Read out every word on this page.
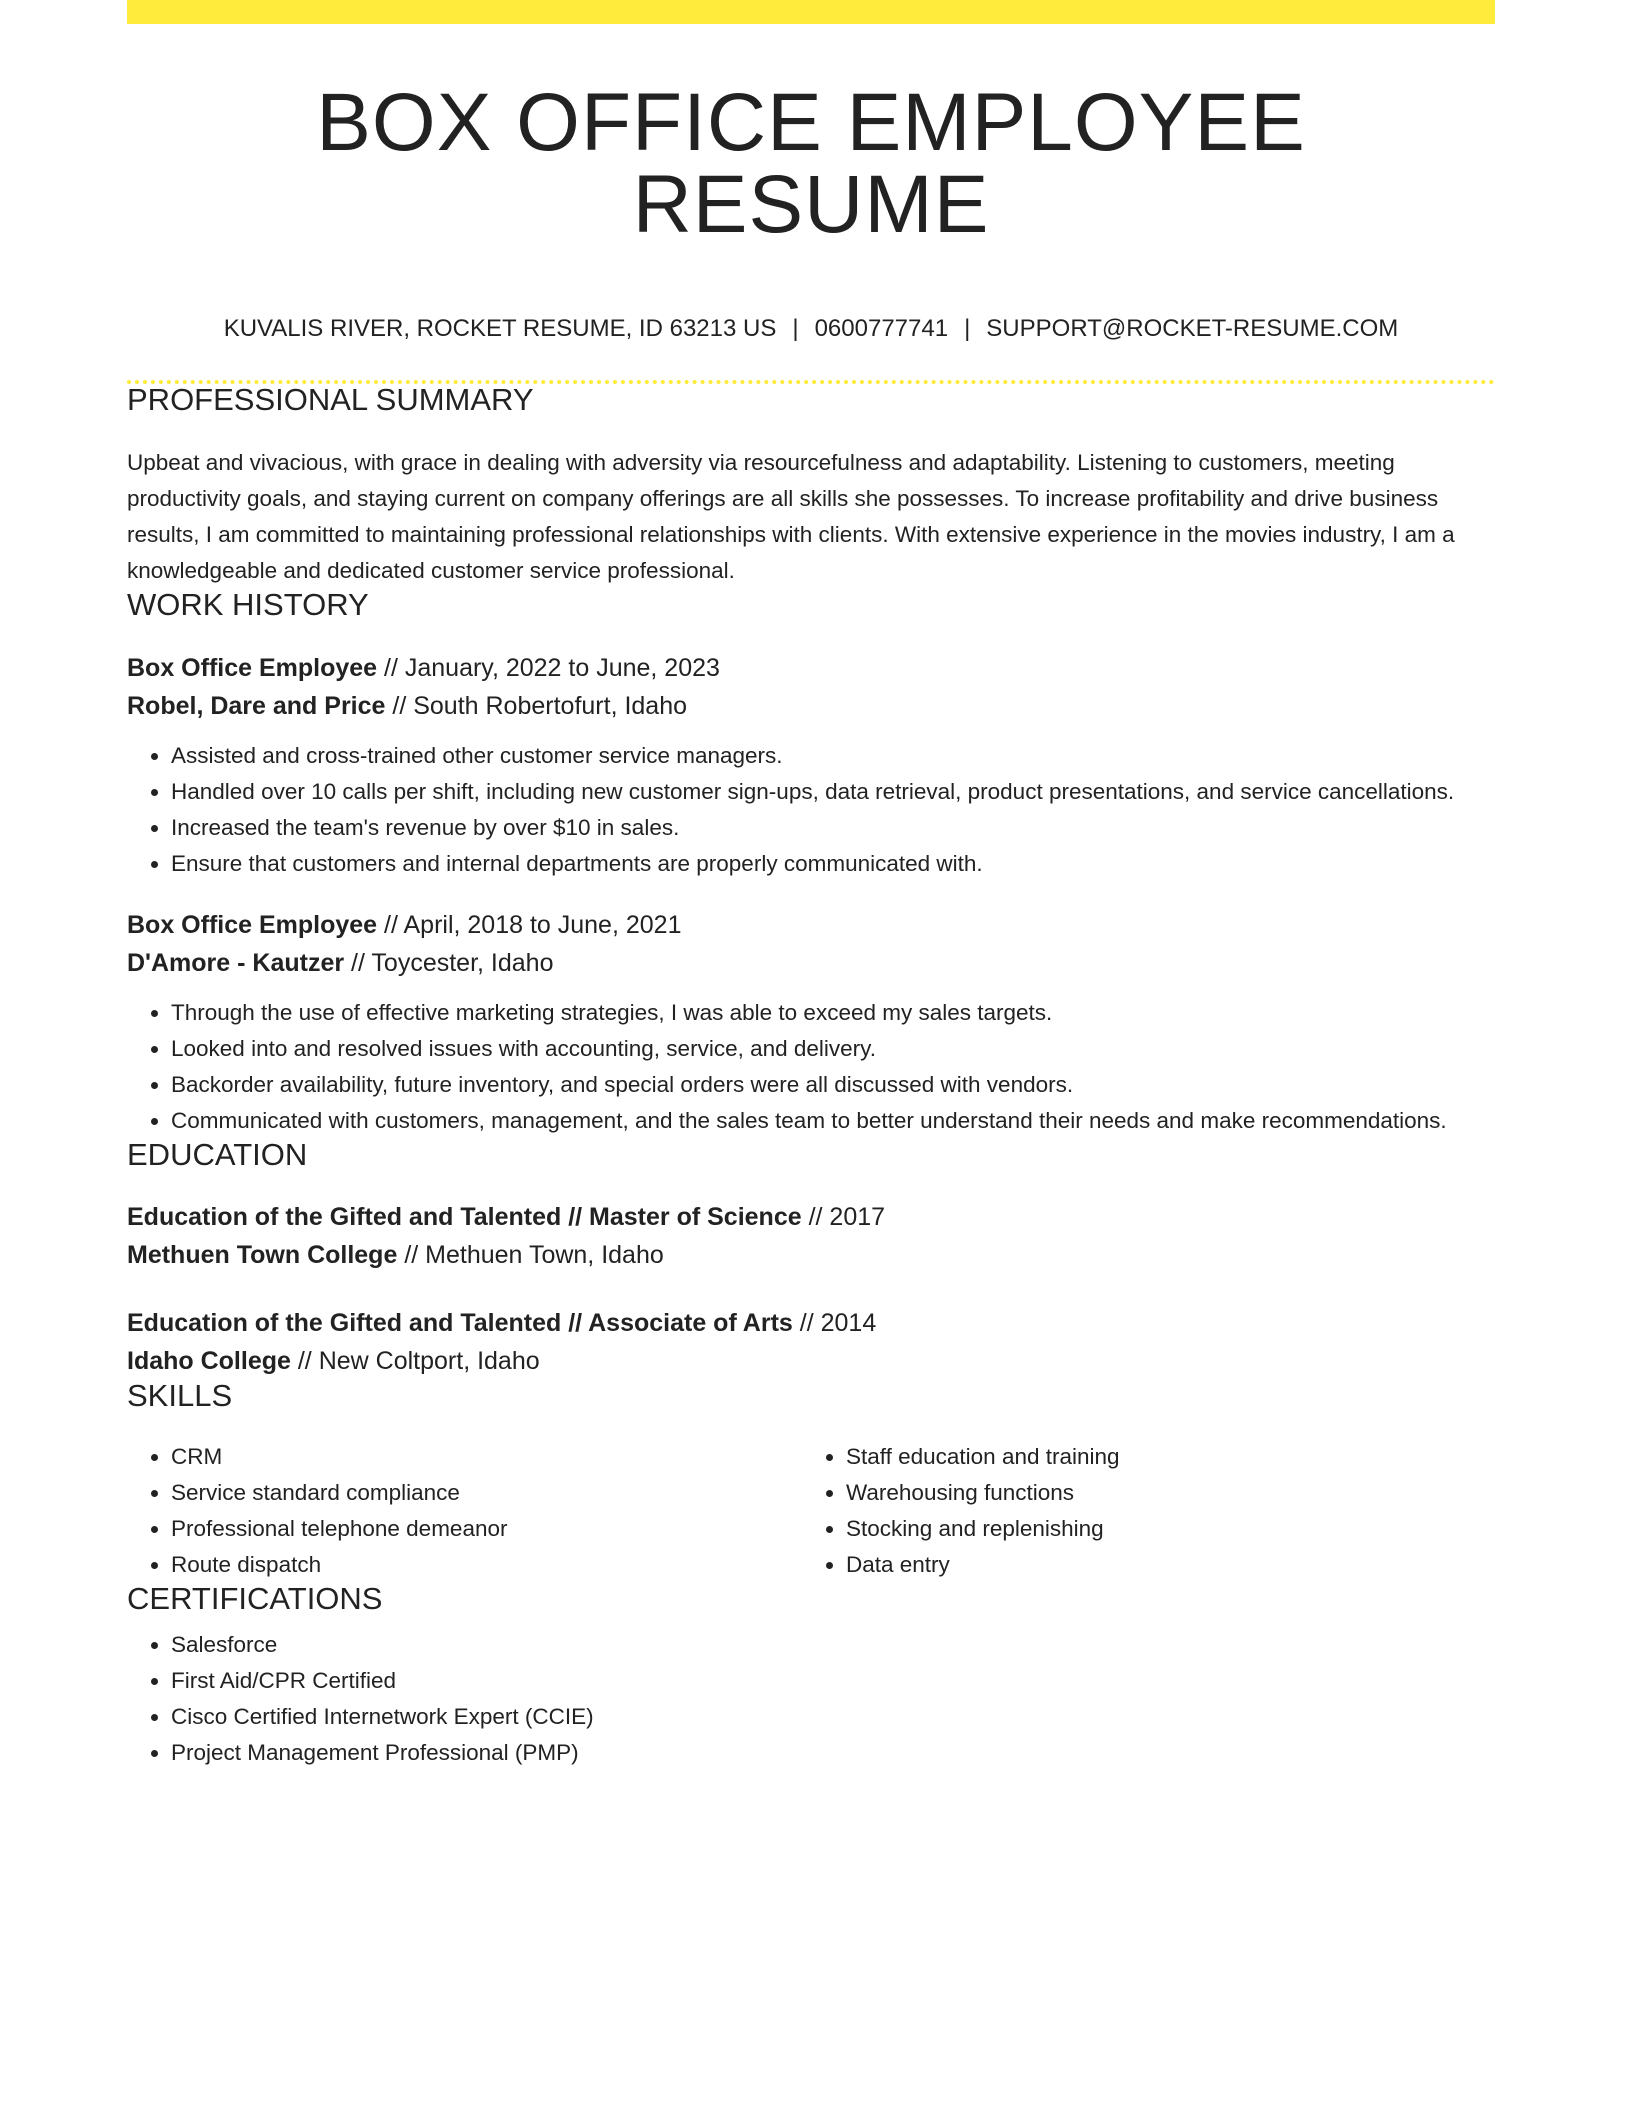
BOX OFFICE EMPLOYEE RESUME
KUVALIS RIVER, ROCKET RESUME, ID 63213 US | 0600777741 | SUPPORT@ROCKET-RESUME.COM
PROFESSIONAL SUMMARY
Upbeat and vivacious, with grace in dealing with adversity via resourcefulness and adaptability. Listening to customers, meeting productivity goals, and staying current on company offerings are all skills she possesses. To increase profitability and drive business results, I am committed to maintaining professional relationships with clients. With extensive experience in the movies industry, I am a knowledgeable and dedicated customer service professional.
WORK HISTORY
Box Office Employee // January, 2022 to June, 2023
Robel, Dare and Price // South Robertofurt, Idaho
• Assisted and cross-trained other customer service managers.
• Handled over 10 calls per shift, including new customer sign-ups, data retrieval, product presentations, and service cancellations.
• Increased the team's revenue by over $10 in sales.
• Ensure that customers and internal departments are properly communicated with.
Box Office Employee // April, 2018 to June, 2021
D'Amore - Kautzer // Toycester, Idaho
• Through the use of effective marketing strategies, I was able to exceed my sales targets.
• Looked into and resolved issues with accounting, service, and delivery.
• Backorder availability, future inventory, and special orders were all discussed with vendors.
• Communicated with customers, management, and the sales team to better understand their needs and make recommendations.
EDUCATION
Education of the Gifted and Talented // Master of Science // 2017
Methuen Town College // Methuen Town, Idaho
Education of the Gifted and Talented // Associate of Arts // 2014
Idaho College // New Coltport, Idaho
SKILLS
• CRM
• Service standard compliance
• Professional telephone demeanor
• Route dispatch
• Staff education and training
• Warehousing functions
• Stocking and replenishing
• Data entry
CERTIFICATIONS
• Salesforce
• First Aid/CPR Certified
• Cisco Certified Internetwork Expert (CCIE)
• Project Management Professional (PMP)
